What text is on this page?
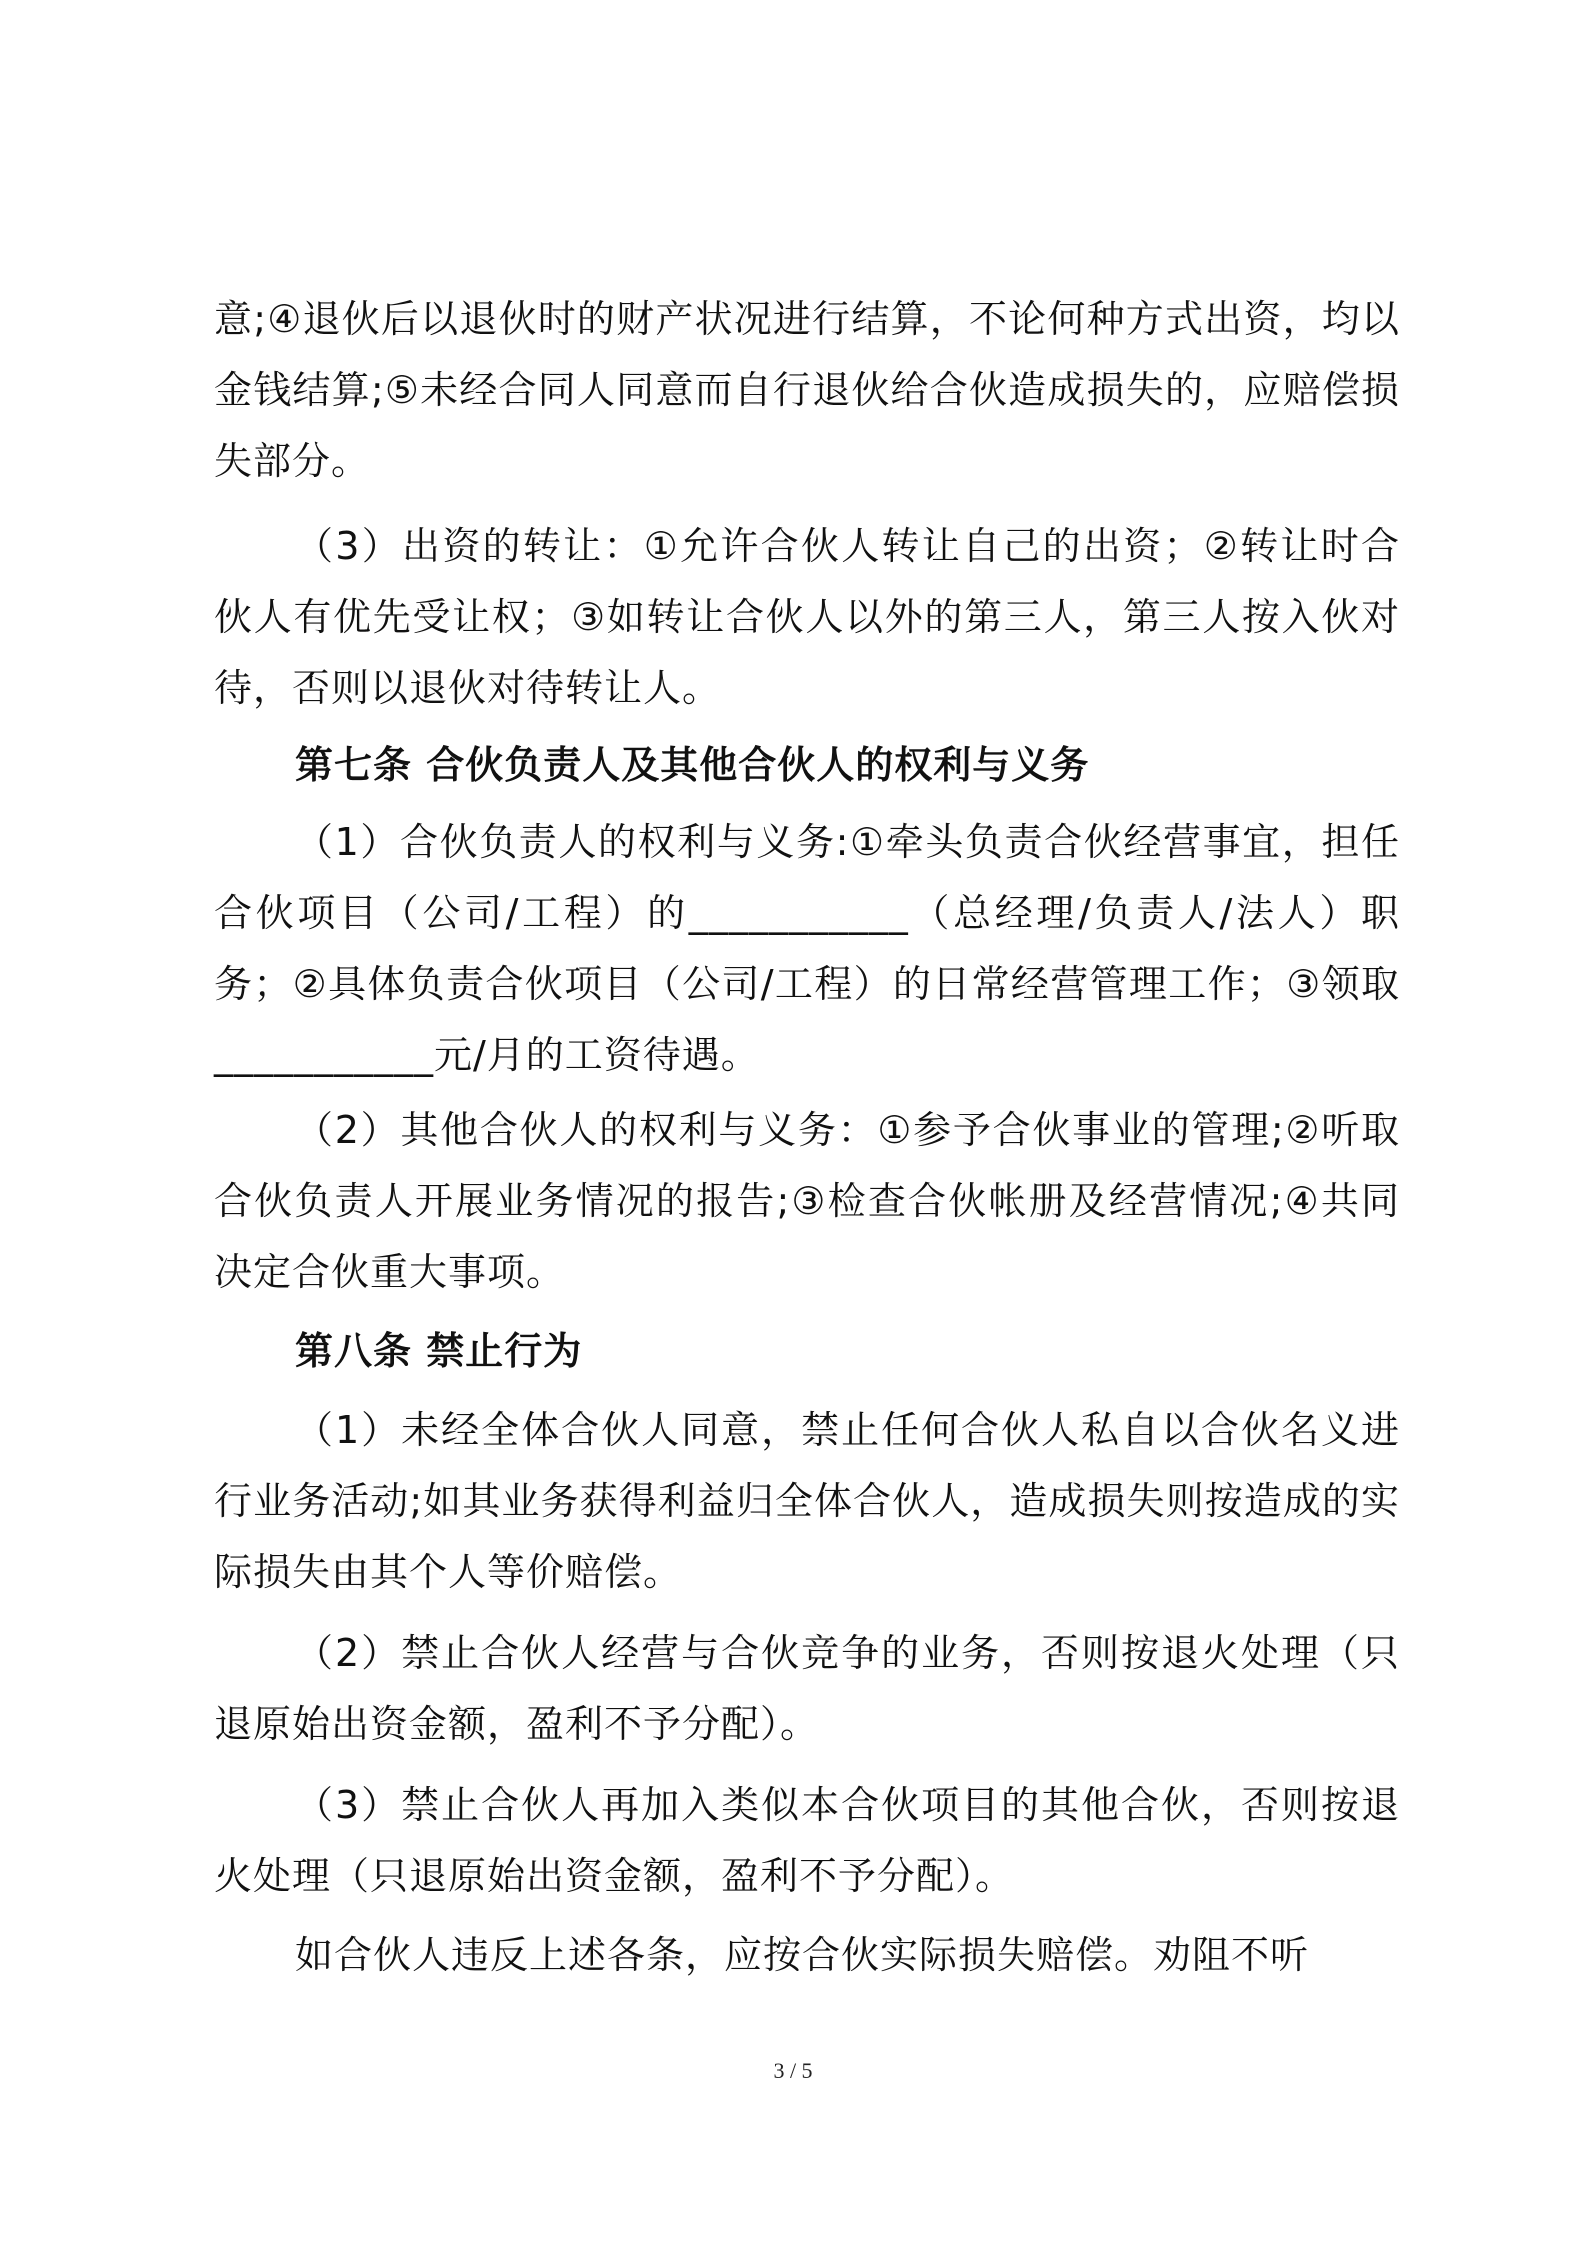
意;④退伙后以退伙时的财产状况进行结算，不论何种方式出资，均以金钱结算;⑤未经合同人同意而自行退伙给合伙造成损失的，应赔偿损失部分。

（3）出资的转让：①允许合伙人转让自己的出资；②转让时合伙人有优先受让权；③如转让合伙人以外的第三人，第三人按入伙对待，否则以退伙对待转让人。

第七条 合伙负责人及其他合伙人的权利与义务

（1）合伙负责人的权利与义务:①牵头负责合伙经营事宜，担任合伙项目（公司/工程）的___________（总经理/负责人/法人）职务；②具体负责合伙项目（公司/工程）的日常经营管理工作；③领取___________元/月的工资待遇。

（2）其他合伙人的权利与义务：①参予合伙事业的管理;②听取合伙负责人开展业务情况的报告;③检查合伙帐册及经营情况;④共同决定合伙重大事项。

第八条 禁止行为

（1）未经全体合伙人同意，禁止任何合伙人私自以合伙名义进行业务活动;如其业务获得利益归全体合伙人，造成损失则按造成的实际损失由其个人等价赔偿。

（2）禁止合伙人经营与合伙竞争的业务，否则按退火处理（只退原始出资金额，盈利不予分配）。

（3）禁止合伙人再加入类似本合伙项目的其他合伙，否则按退火处理（只退原始出资金额，盈利不予分配）。

如合伙人违反上述各条，应按合伙实际损失赔偿。劝阻不听

3 / 5
